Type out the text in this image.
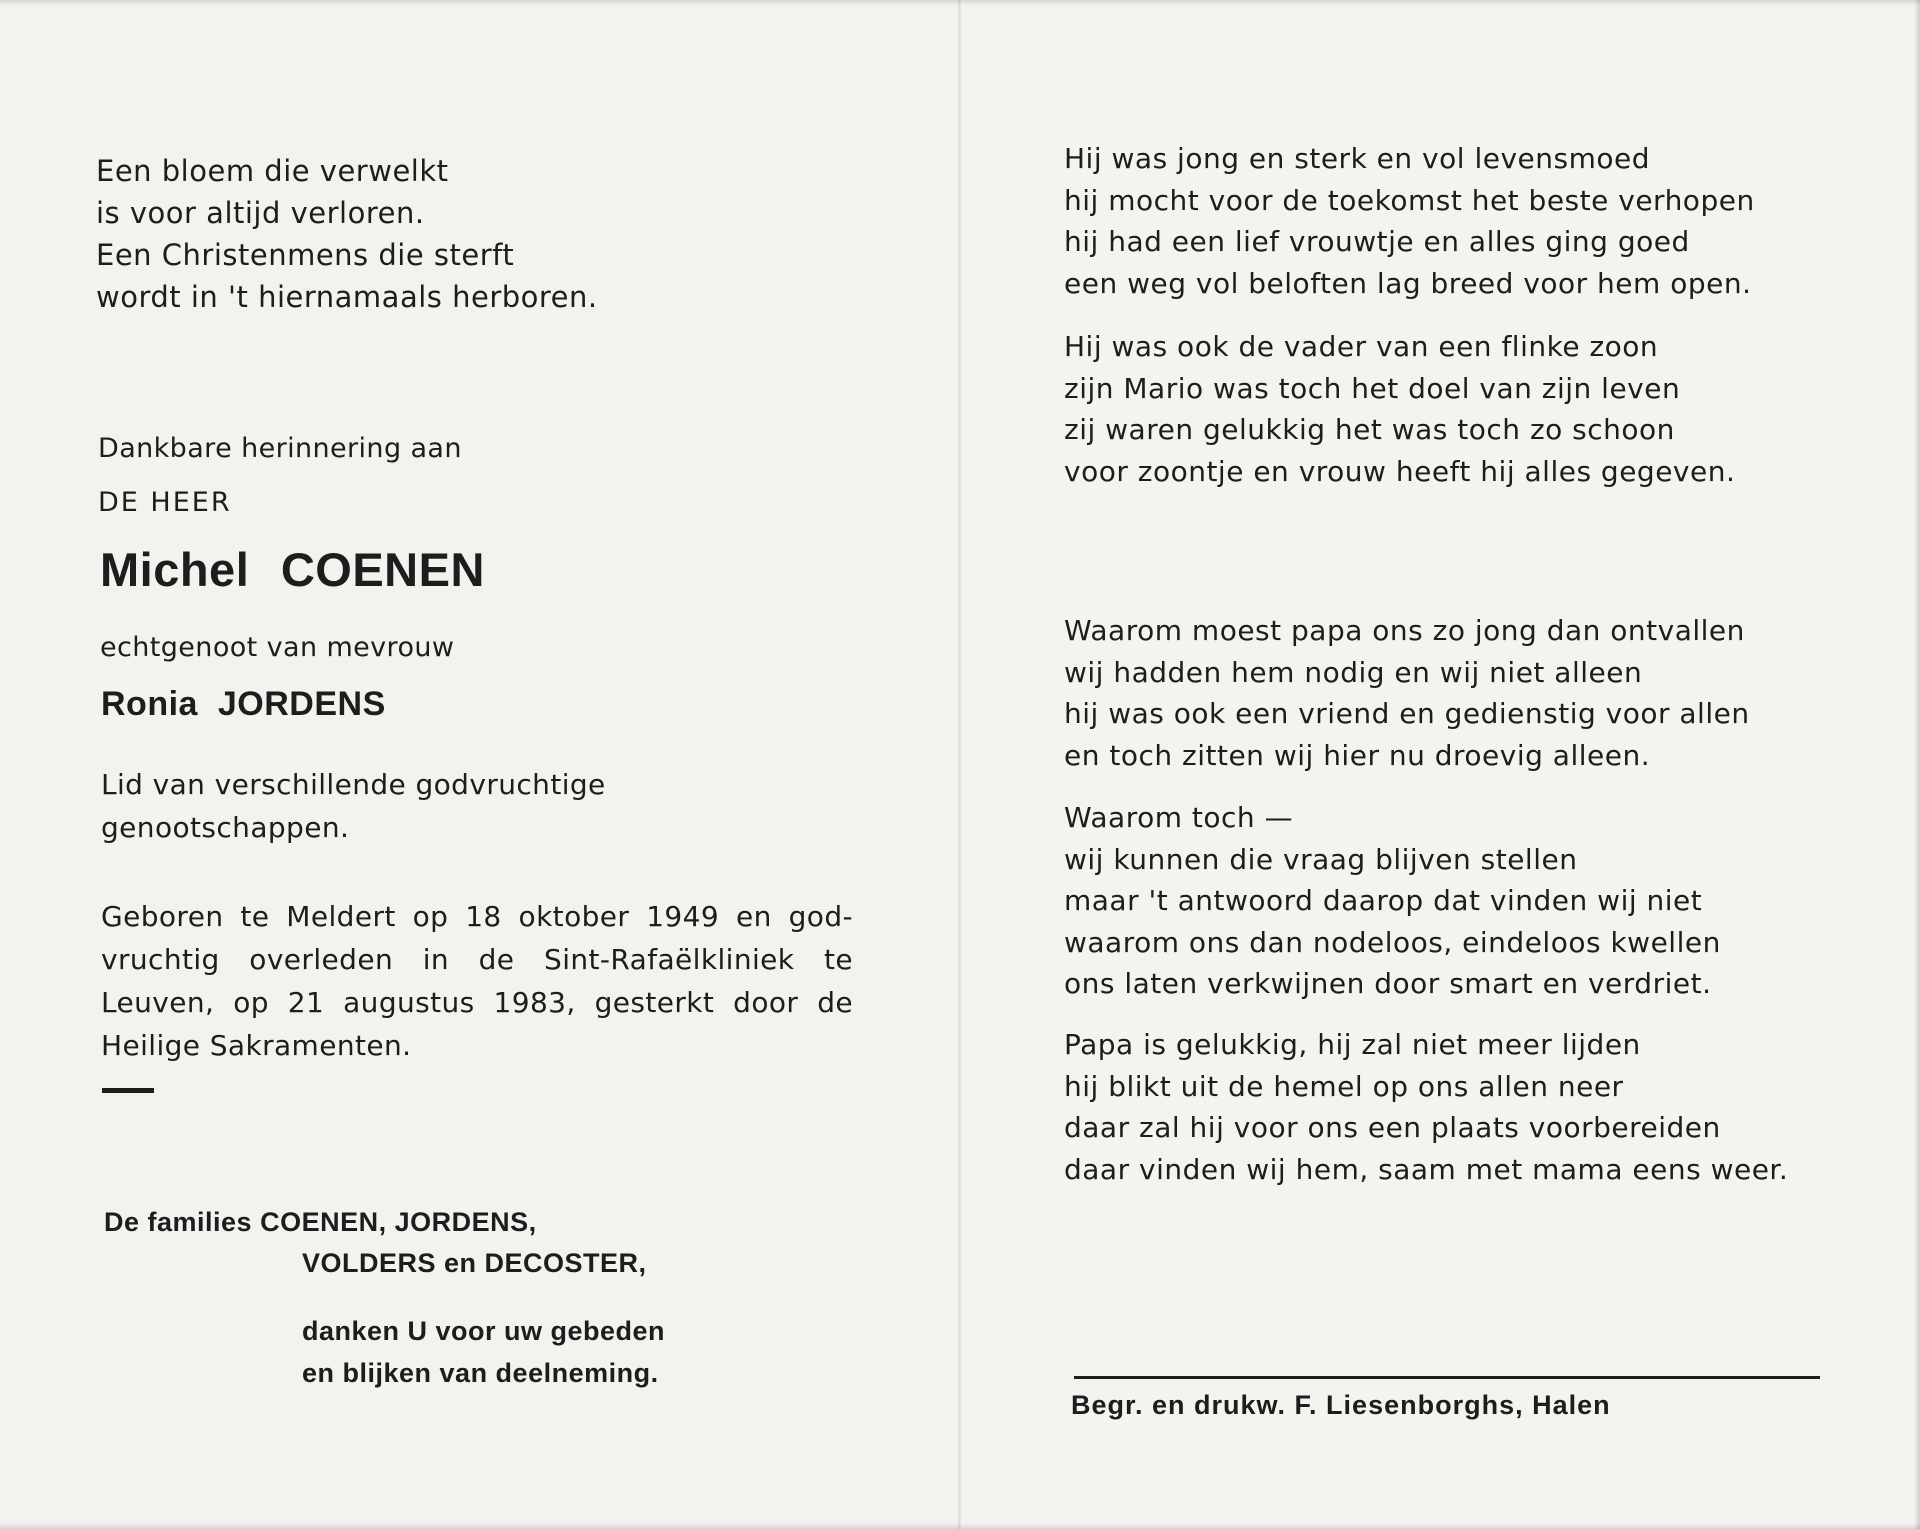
Een bloem die verwelkt
is voor altijd verloren.
Een Christenmens die sterft
wordt in 't hiernamaals herboren.
Dankbare herinnering aan
DE HEER
Michel COENEN
echtgenoot van mevrouw
Ronia JORDENS
Lid van verschillende godvruchtige
genootschappen.
Geboren te Meldert op 18 oktober 1949 en god-vruchtig overleden in de Sint-Rafaëlkliniek te Leuven, op 21 augustus 1983, gesterkt door de Heilige Sakramenten.
De families COENEN, JORDENS,
VOLDERS en DECOSTER,
danken U voor uw gebeden
en blijken van deelneming.
Hij was jong en sterk en vol levensmoed
hij mocht voor de toekomst het beste verhopen
hij had een lief vrouwtje en alles ging goed
een weg vol beloften lag breed voor hem open.
Hij was ook de vader van een flinke zoon
zijn Mario was toch het doel van zijn leven
zij waren gelukkig het was toch zo schoon
voor zoontje en vrouw heeft hij alles gegeven.
Waarom moest papa ons zo jong dan ontvallen
wij hadden hem nodig en wij niet alleen
hij was ook een vriend en gedienstig voor allen
en toch zitten wij hier nu droevig alleen.
Waarom toch —
wij kunnen die vraag blijven stellen
maar 't antwoord daarop dat vinden wij niet
waarom ons dan nodeloos, eindeloos kwellen
ons laten verkwijnen door smart en verdriet.
Papa is gelukkig, hij zal niet meer lijden
hij blikt uit de hemel op ons allen neer
daar zal hij voor ons een plaats voorbereiden
daar vinden wij hem, saam met mama eens weer.
Begr. en drukw. F. Liesenborghs, Halen
